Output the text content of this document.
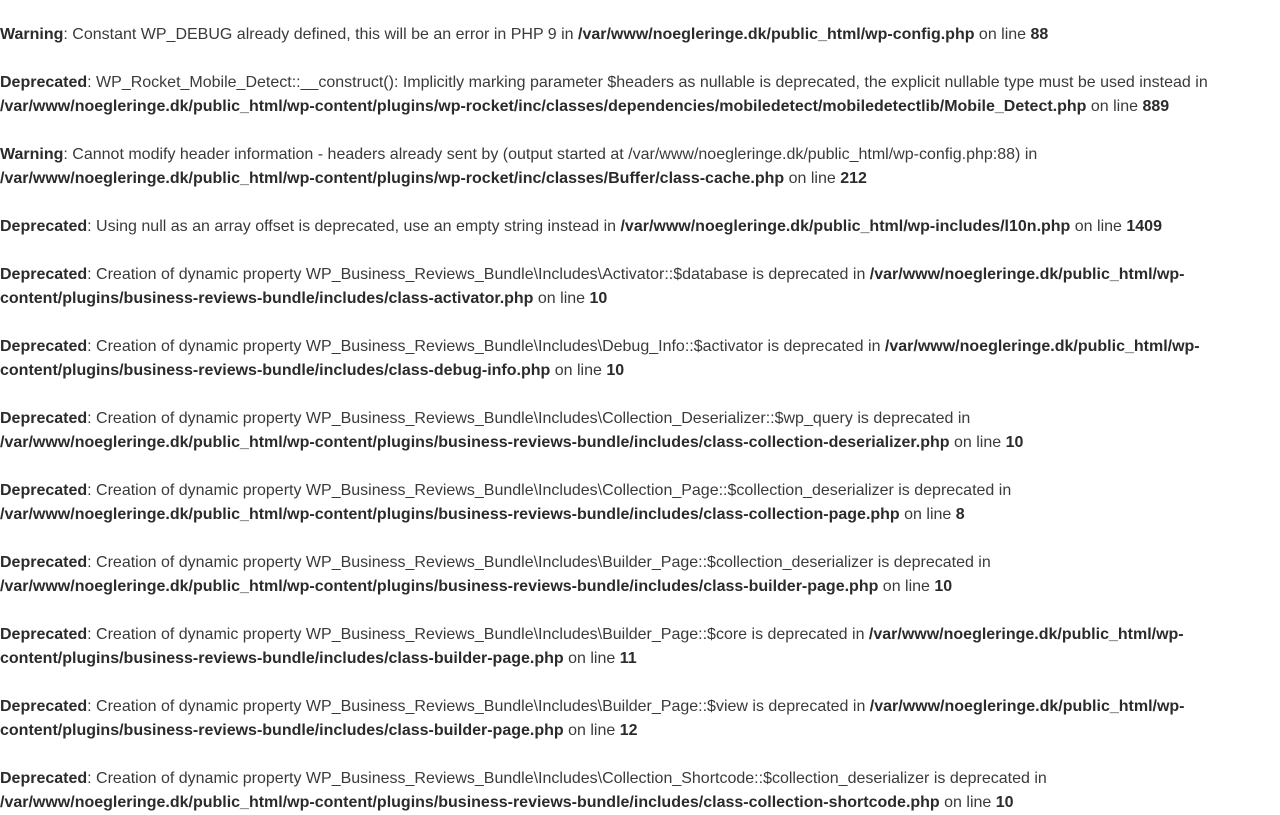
Warning: Constant WP_DEBUG already defined, this will be an error in PHP 9 in /var/www/noegleringe.dk/public_html/wp-config.php on line 88
Deprecated: WP_Rocket_Mobile_Detect::__construct(): Implicitly marking parameter $headers as nullable is deprecated, the explicit nullable type must be used instead in /var/www/noegleringe.dk/public_html/wp-content/plugins/wp-rocket/inc/classes/dependencies/mobiledetect/mobiledetectlib/Mobile_Detect.php on line 889
Warning: Cannot modify header information - headers already sent by (output started at /var/www/noegleringe.dk/public_html/wp-config.php:88) in /var/www/noegleringe.dk/public_html/wp-content/plugins/wp-rocket/inc/classes/Buffer/class-cache.php on line 212
Deprecated: Using null as an array offset is deprecated, use an empty string instead in /var/www/noegleringe.dk/public_html/wp-includes/l10n.php on line 1409
Deprecated: Creation of dynamic property WP_Business_Reviews_Bundle\Includes\Activator::$database is deprecated in /var/www/noegleringe.dk/public_html/wp-content/plugins/business-reviews-bundle/includes/class-activator.php on line 10
Deprecated: Creation of dynamic property WP_Business_Reviews_Bundle\Includes\Debug_Info::$activator is deprecated in /var/www/noegleringe.dk/public_html/wp-content/plugins/business-reviews-bundle/includes/class-debug-info.php on line 10
Deprecated: Creation of dynamic property WP_Business_Reviews_Bundle\Includes\Collection_Deserializer::$wp_query is deprecated in /var/www/noegleringe.dk/public_html/wp-content/plugins/business-reviews-bundle/includes/class-collection-deserializer.php on line 10
Deprecated: Creation of dynamic property WP_Business_Reviews_Bundle\Includes\Collection_Page::$collection_deserializer is deprecated in /var/www/noegleringe.dk/public_html/wp-content/plugins/business-reviews-bundle/includes/class-collection-page.php on line 8
Deprecated: Creation of dynamic property WP_Business_Reviews_Bundle\Includes\Builder_Page::$collection_deserializer is deprecated in /var/www/noegleringe.dk/public_html/wp-content/plugins/business-reviews-bundle/includes/class-builder-page.php on line 10
Deprecated: Creation of dynamic property WP_Business_Reviews_Bundle\Includes\Builder_Page::$core is deprecated in /var/www/noegleringe.dk/public_html/wp-content/plugins/business-reviews-bundle/includes/class-builder-page.php on line 11
Deprecated: Creation of dynamic property WP_Business_Reviews_Bundle\Includes\Builder_Page::$view is deprecated in /var/www/noegleringe.dk/public_html/wp-content/plugins/business-reviews-bundle/includes/class-builder-page.php on line 12
Deprecated: Creation of dynamic property WP_Business_Reviews_Bundle\Includes\Collection_Shortcode::$collection_deserializer is deprecated in /var/www/noegleringe.dk/public_html/wp-content/plugins/business-reviews-bundle/includes/class-collection-shortcode.php on line 10
